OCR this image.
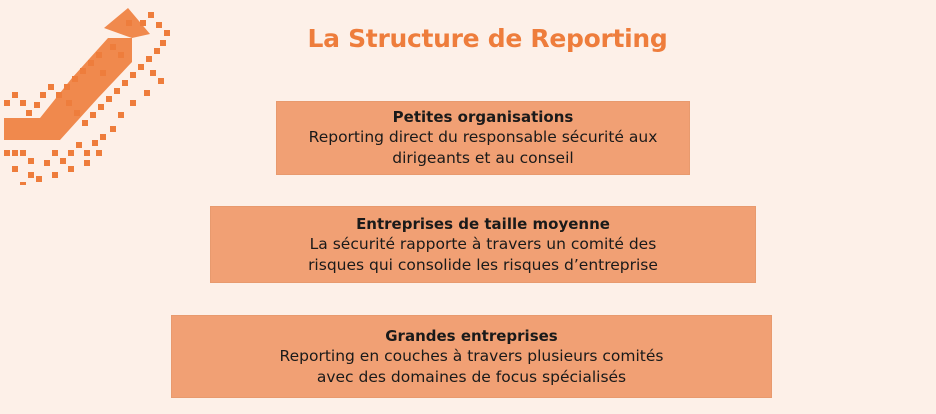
La Structure de Reporting
Petites organisations
Reporting direct du responsable sécurité aux
dirigeants et au conseil
Entreprises de taille moyenne
La sécurité rapporte à travers un comité des
risques qui consolide les risques d’entreprise
Grandes entreprises
Reporting en couches à travers plusieurs comités
avec des domaines de focus spécialisés
